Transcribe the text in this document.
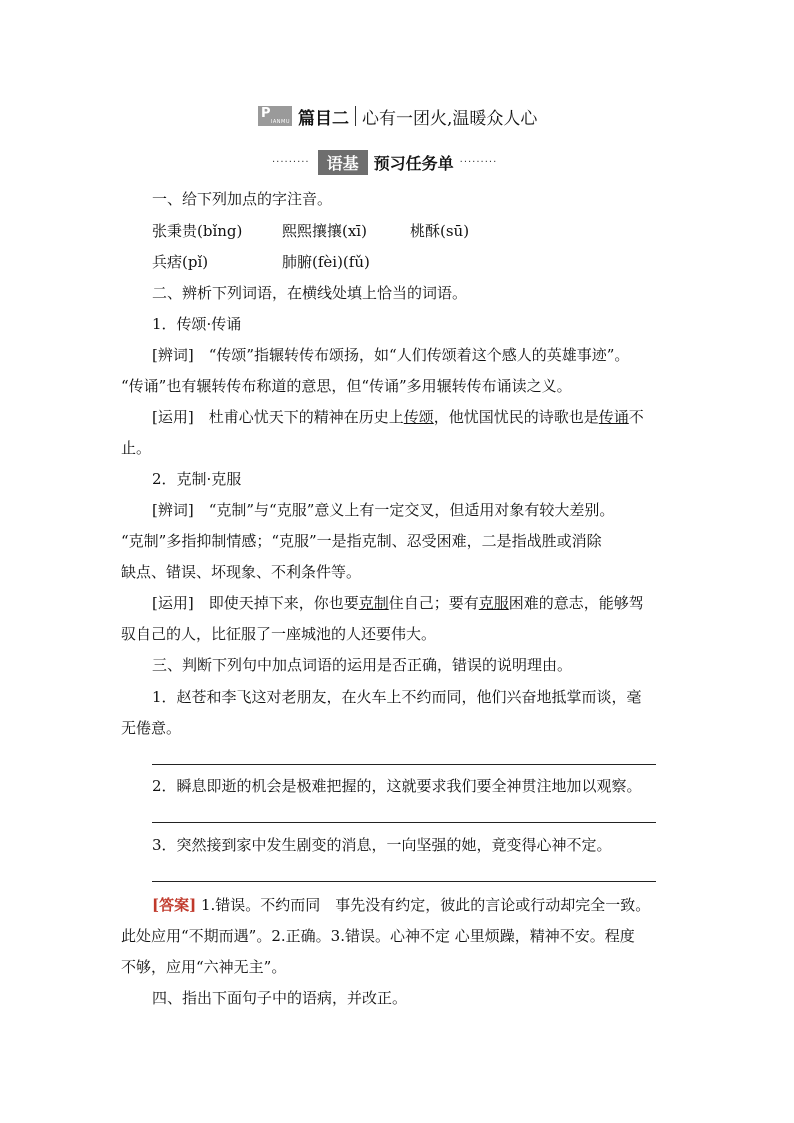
P
IANMU 篇目二 心有一团火,温暖众人心
·········	语基 预习任务单 ·········
一、给下列加点的字注音。
张秉贵(bǐng)	熙熙攘攘(xī)	桃酥(sū)
兵痞(pǐ)	肺腑(fèi)(fǔ)
二、辨析下列词语，在横线处填上恰当的词语。
1．传颂·传诵
[辨词]　“传颂”指辗转传布颂扬，如“人们传颂着这个感人的英雄事迹”。
“传诵”也有辗转传布称道的意思，但“传诵”多用辗转传布诵读之义。
[运用]　杜甫心忧天下的精神在历史上传颂，他忧国忧民的诗歌也是传诵不
止。
2．克制·克服
[辨词]　“克制”与“克服”意义上有一定交叉，但适用对象有较大差别。
“克制”多指抑制情感；“克服”一是指克制、忍受困难，二是指战胜或消除
缺点、错误、坏现象、不利条件等。
[运用]　即使天掉下来，你也要克制住自己；要有克服困难的意志，能够驾
驭自己的人，比征服了一座城池的人还要伟大。
三、判断下列句中加点词语的运用是否正确，错误的说明理由。
1．赵苍和李飞这对老朋友，在火车上不约而同，他们兴奋地抵掌而谈，毫
无倦意。
2．瞬息即逝的机会是极难把握的，这就要求我们要全神贯注地加以观察。
3．突然接到家中发生剧变的消息，一向坚强的她，竟变得心神不定。
[答案] 1.错误。不约而同　事先没有约定，彼此的言论或行动却完全一致。
此处应用“不期而遇”。2.正确。3.错误。心神不定 心里烦躁，精神不安。程度
不够，应用“六神无主”。
四、指出下面句子中的语病，并改正。
